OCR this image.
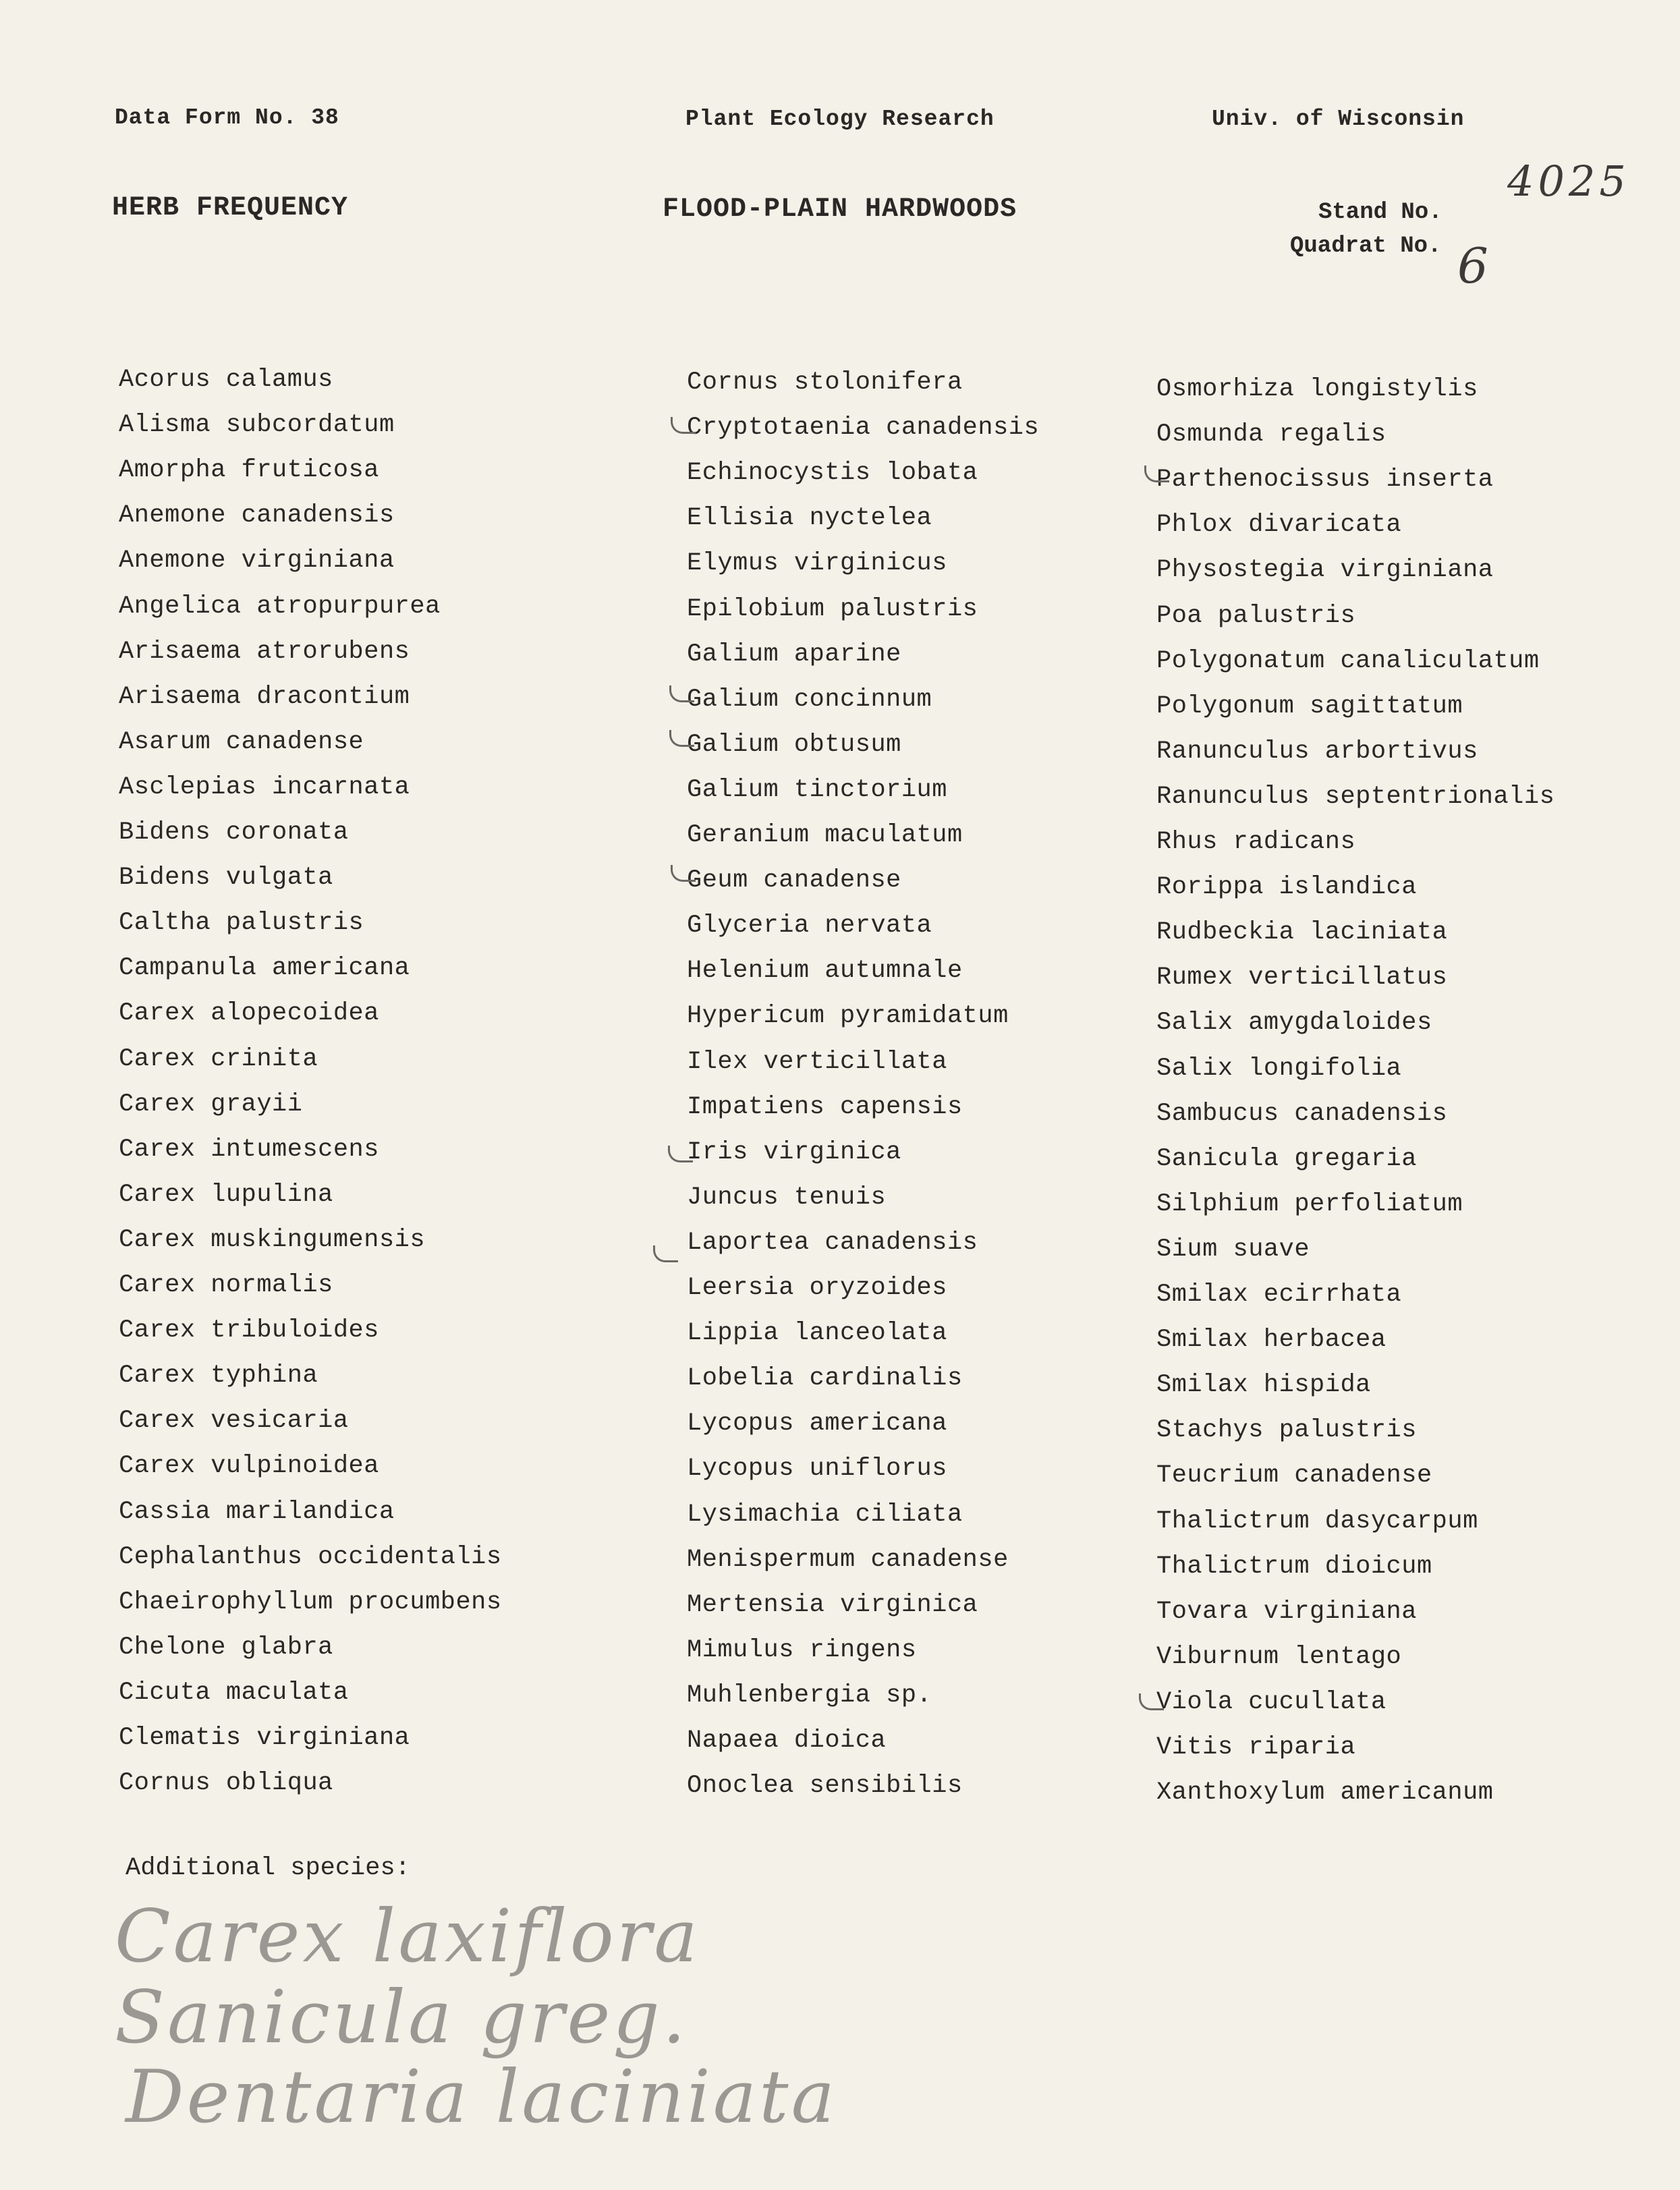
Data Form No. 38	Plant Ecology Research	Univ. of Wisconsin
HERB FREQUENCY	FLOOD-PLAIN HARDWOODS	Stand No.
Quadrat No.
4025
6
Acorus calamus
Alisma subcordatum
Amorpha fruticosa
Anemone canadensis
Anemone virginiana
Angelica atropurpurea
Arisaema atrorubens
Arisaema dracontium
Asarum canadense
Asclepias incarnata
Bidens coronata
Bidens vulgata
Caltha palustris
Campanula americana
Carex alopecoidea
Carex crinita
Carex grayii
Carex intumescens
Carex lupulina
Carex muskingumensis
Carex normalis
Carex tribuloides
Carex typhina
Carex vesicaria
Carex vulpinoidea
Cassia marilandica
Cephalanthus occidentalis
Chaeirophyllum procumbens
Chelone glabra
Cicuta maculata
Clematis virginiana
Cornus obliqua
Cornus stolonifera
Cryptotaenia canadensis
Echinocystis lobata
Ellisia nyctelea
Elymus virginicus
Epilobium palustris
Galium aparine
Galium concinnum
Galium obtusum
Galium tinctorium
Geranium maculatum
Geum canadense
Glyceria nervata
Helenium autumnale
Hypericum pyramidatum
Ilex verticillata
Impatiens capensis
Iris virginica
Juncus tenuis
Laportea canadensis
Leersia oryzoides
Lippia lanceolata
Lobelia cardinalis
Lycopus americana
Lycopus uniflorus
Lysimachia ciliata
Menispermum canadense
Mertensia virginica
Mimulus ringens
Muhlenbergia sp.
Napaea dioica
Onoclea sensibilis
Osmorhiza longistylis
Osmunda regalis
Parthenocissus inserta
Phlox divaricata
Physostegia virginiana
Poa palustris
Polygonatum canaliculatum
Polygonum sagittatum
Ranunculus arbortivus
Ranunculus septentrionalis
Rhus radicans
Rorippa islandica
Rudbeckia laciniata
Rumex verticillatus
Salix amygdaloides
Salix longifolia
Sambucus canadensis
Sanicula gregaria
Silphium perfoliatum
Sium suave
Smilax ecirrhata
Smilax herbacea
Smilax hispida
Stachys palustris
Teucrium canadense
Thalictrum dasycarpum
Thalictrum dioicum
Tovara virginiana
Viburnum lentago
Viola cucullata
Vitis riparia
Xanthoxylum americanum
Additional species:
Carex laxiflora
Sanicula greg.
Dentaria laciniata
